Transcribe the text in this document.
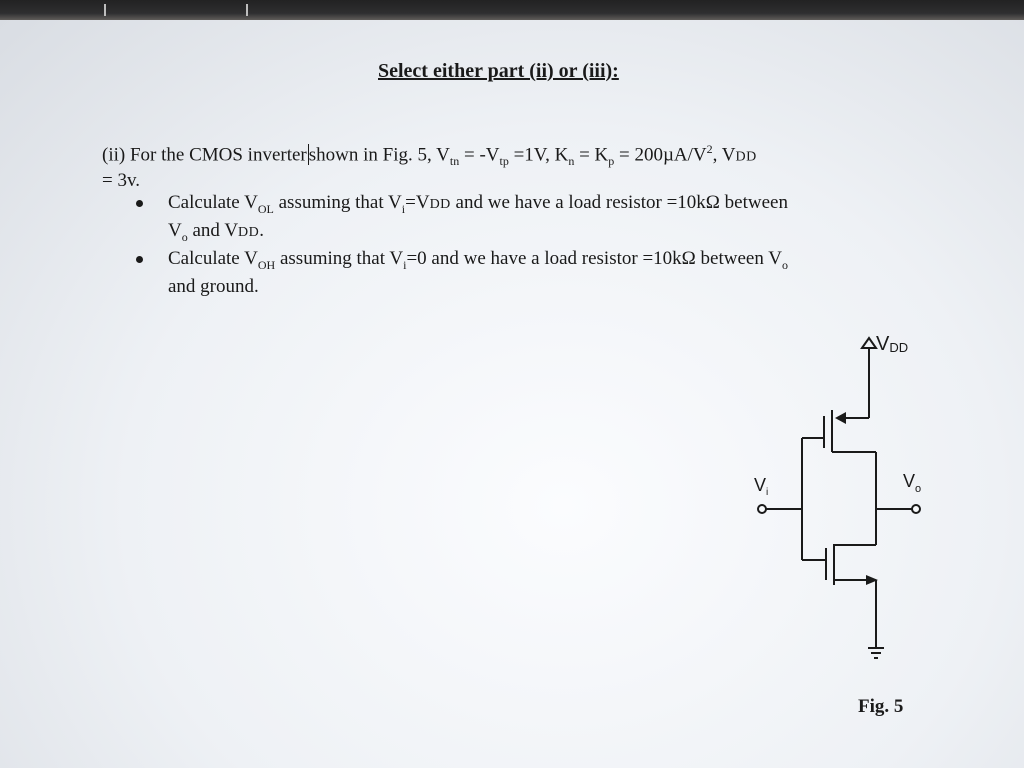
Select either part (ii) or (iii):
(ii) For the CMOS inverter shown in Fig. 5, $V_{tn} = -V_{tp} =1V$, $K_n = K_p = 200\mu A/V^2$, VDD
= 3v.
Calculate $V_{OL}$ assuming that $V_i=VDD$ and we have a load resistor =10kΩ between
$V_o$ and VDD.
Calculate $V_{OH}$ assuming that $V_i=0$ and we have a load resistor =10kΩ between $V_o$
and ground.
VDD
$V_i$
$V_o$
Fig. 5
